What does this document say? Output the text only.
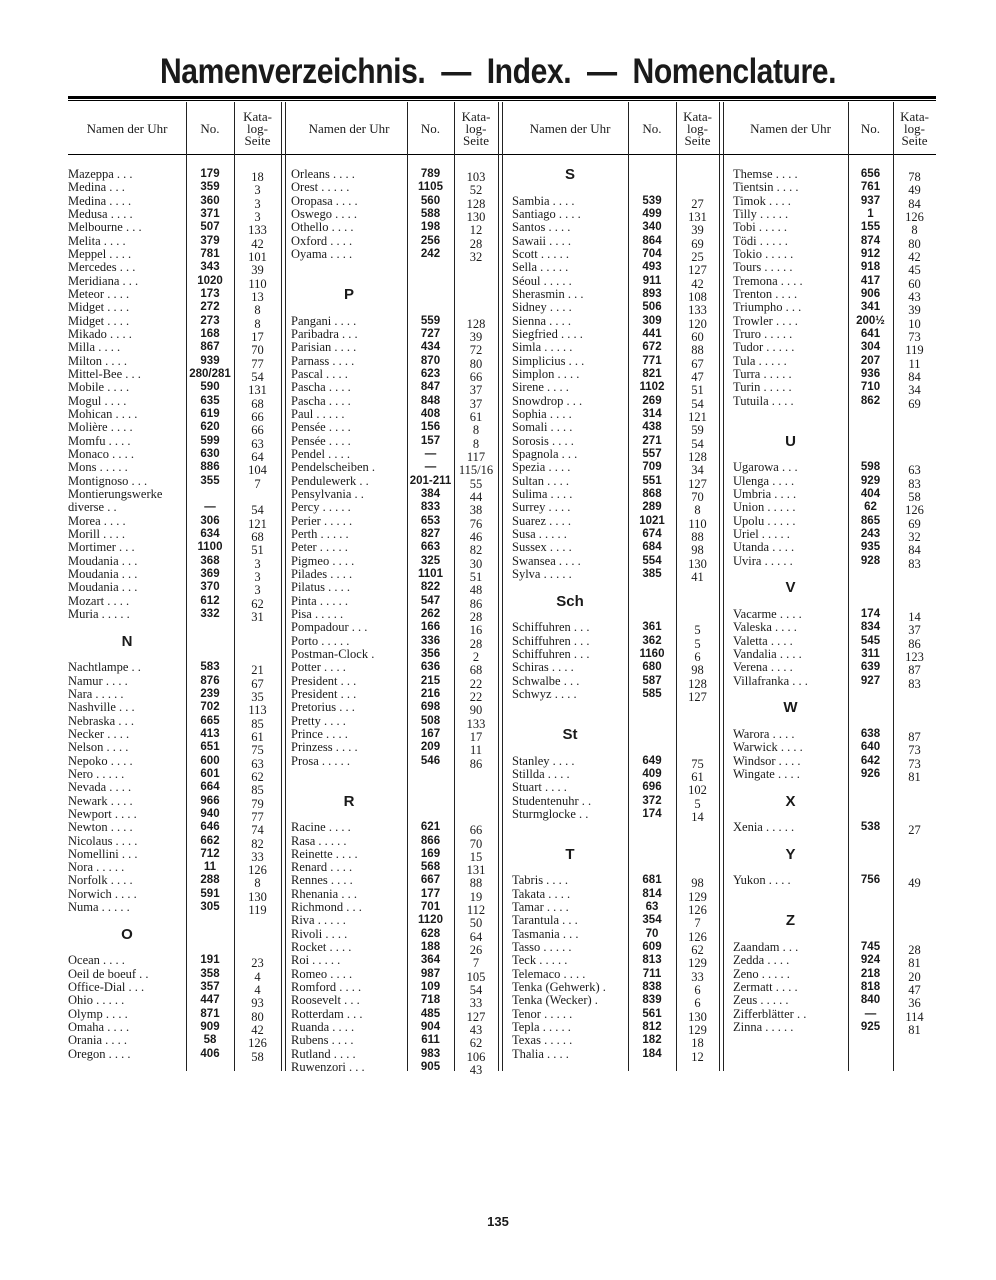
Namenverzeichnis.  —  Index.  —  Nomenclature.
Namen der Uhr	No.
Kata-
log-
Seite
Namen der Uhr	No.
Kata-
log-
Seite
Namen der Uhr	No.
Kata-
log-
Seite
Namen der Uhr	No.
Kata-
log-
Seite
Mazeppa . . .	179	18
Medina . . .	359	3
Medina . . . .	360	3
Medusa . . . .	371	3
Melbourne . . .	507	133
Melita . . . .	379	42
Meppel . . . .	781	101
Mercedes . . .	343	39
Meridiana . . .	1020	110
Meteor . . . .	173	13
Midget . . . .	272	8
Midget . . . .	273	8
Mikado . . . .	168	17
Milla . . . .	867	70
Milton . . . .	939	77
Mittel-Bee . . .	280/281	54
Mobile . . . .	590	131
Mogul . . . .	635	68
Mohican . . . .	619	66
Molière . . . .	620	66
Momfu . . . .	599	63
Monaco . . . .	630	64
Mons . . . . .	886	104
Montignoso . . .	355	7
Montierungswerke
diverse . .	—	54
Morea . . . .	306	121
Morill . . . .	634	68
Mortimer . . .	1100	51
Moudania . . .	368	3
Moudania . . .	369	3
Moudania . . .	370	3
Mozart . . . .	612	62
Muria . . . . .	332	31
N
Nachtlampe . .	583	21
Namur . . . .	876	67
Nara . . . . .	239	35
Nashville . . .	702	113
Nebraska . . .	665	85
Necker . . . .	413	61
Nelson . . . .	651	75
Nepoko . . . .	600	63
Nero . . . . .	601	62
Nevada . . . .	664	85
Newark . . . .	966	79
Newport . . . .	940	77
Newton . . . .	646	74
Nicolaus . . . .	662	82
Nomellini . . .	712	33
Nora . . . . .	11	126
Norfolk . . . .	288	8
Norwich . . . .	591	130
Numa . . . . .	305	119
O
Ocean . . . .	191	23
Oeil de boeuf . .	358	4
Office-Dial . . .	357	4
Ohio . . . . .	447	93
Olymp . . . .	871	80
Omaha . . . .	909	42
Orania . . . .	58	126
Oregon . . . .	406	58
Orleans . . . .	789	103
Orest . . . . .	1105	52
Oropasa . . . .	560	128
Oswego . . . .	588	130
Othello . . . .	198	12
Oxford . . . .	256	28
Oyama . . . .	242	32
P
Pangani . . . .	559	128
Paribadra . . .	727	39
Parisian . . . .	434	72
Parnass . . . .	870	80
Pascal . . . .	623	66
Pascha . . . .	847	37
Pascha . . . .	848	37
Paul . . . . .	408	61
Pensée . . . .	156	8
Pensée . . . .	157	8
Pendel . . . .	—	117
Pendelscheiben .	—	115/16
Pendulewerk . .	201-211	55
Pensylvania . .	384	44
Percy . . . . .	833	38
Perier . . . . .	653	76
Perth . . . . .	827	46
Peter . . . . .	663	82
Pigmeo . . . .	325	30
Pilades . . . .	1101	51
Pilatus . . . .	822	48
Pinta . . . . .	547	86
Pisa . . . . .	262	28
Pompadour . . .	166	16
Porto . . . . .	336	28
Postman-Clock .	356	2
Potter . . . .	636	68
President . . .	215	22
President . . .	216	22
Pretorius . . .	698	90
Pretty . . . .	508	133
Prince . . . .	167	17
Prinzess . . . .	209	11
Prosa . . . . .	546	86
R
Racine . . . .	621	66
Rasa . . . . .	866	70
Reinette . . . .	169	15
Renard . . . .	568	131
Rennes . . . .	667	88
Rhenania . . .	177	19
Richmond . . .	701	112
Riva . . . . .	1120	50
Rivoli . . . .	628	64
Rocket . . . .	188	26
Roi . . . . .	364	7
Romeo . . . .	987	105
Romford . . . .	109	54
Roosevelt . . .	718	33
Rotterdam . . .	485	127
Ruanda . . . .	904	43
Rubens . . . .	611	62
Rutland . . . .	983	106
Ruwenzori . . .	905	43
S
Sambia . . . .	539	27
Santiago . . . .	499	131
Santos . . . .	340	39
Sawaii . . . .	864	69
Scott . . . . .	704	25
Sella . . . . .	493	127
Séoul . . . . .	911	42
Sherasmin . . .	893	108
Sidney . . . .	506	133
Sienna . . . .	309	120
Siegfried . . . .	441	60
Simla . . . . .	672	88
Simplicius . . .	771	67
Simplon . . . .	821	47
Sirene . . . .	1102	51
Snowdrop . . .	269	54
Sophia . . . .	314	121
Somali . . . .	438	59
Sorosis . . . .	271	54
Spagnola . . .	557	128
Spezia . . . .	709	34
Sultan . . . .	551	127
Sulima . . . .	868	70
Surrey . . . .	289	8
Suarez . . . .	1021	110
Susa . . . . .	674	88
Sussex . . . .	684	98
Swansea . . . .	554	130
Sylva . . . . .	385	41
Sch
Schiffuhren . . .	361	5
Schiffuhren . . .	362	5
Schiffuhren . . .	1160	6
Schiras . . . .	680	98
Schwalbe . . .	587	128
Schwyz . . . .	585	127
St
Stanley . . . .	649	75
Stillda . . . .	409	61
Stuart . . . .	696	102
Studentenuhr . .	372	5
Sturmglocke . .	174	14
T
Tabris . . . .	681	98
Takata . . . .	814	129
Tamar . . . .	63	126
Tarantula . . .	354	7
Tasmania . . .	70	126
Tasso . . . . .	609	62
Teck . . . . .	813	129
Telemaco . . . .	711	33
Tenka (Gehwerk) .	838	6
Tenka (Wecker) .	839	6
Tenor . . . . .	561	130
Tepla . . . . .	812	129
Texas . . . . .	182	18
Thalia . . . .	184	12
Themse . . . .	656	78
Tientsin . . . .	761	49
Timok . . . .	937	84
Tilly . . . . .	1	126
Tobi . . . . .	155	8
Tödi . . . . .	874	80
Tokio . . . . .	912	42
Tours . . . . .	918	45
Tremona . . . .	417	60
Trenton . . . .	906	43
Triumpho . . .	341	39
Trowler . . . .	200½	10
Truro . . . . .	641	73
Tudor . . . . .	304	119
Tula . . . . .	207	11
Turra . . . . .	936	84
Turin . . . . .	710	34
Tutuila . . . .	862	69
U
Ugarowa . . .	598	63
Ulenga . . . .	929	83
Umbria . . . .	404	58
Union . . . . .	62	126
Upolu . . . . .	865	69
Uriel . . . . .	243	32
Utanda . . . .	935	84
Uvira . . . . .	928	83
V
Vacarme . . . .	174	14
Valeska . . . .	834	37
Valetta . . . .	545	86
Vandalia . . . .	311	123
Verena . . . .	639	87
Villafranka . . .	927	83
W
Warora . . . .	638	87
Warwick . . . .	640	73
Windsor . . . .	642	73
Wingate . . . .	926	81
X
Xenia . . . . .	538	27
Y
Yukon . . . .	756	49
Z
Zaandam . . .	745	28
Zedda . . . .	924	81
Zeno . . . . .	218	20
Zermatt . . . .	818	47
Zeus . . . . .	840	36
Zifferblätter . .	—	114
Zinna . . . . .	925	81
135
